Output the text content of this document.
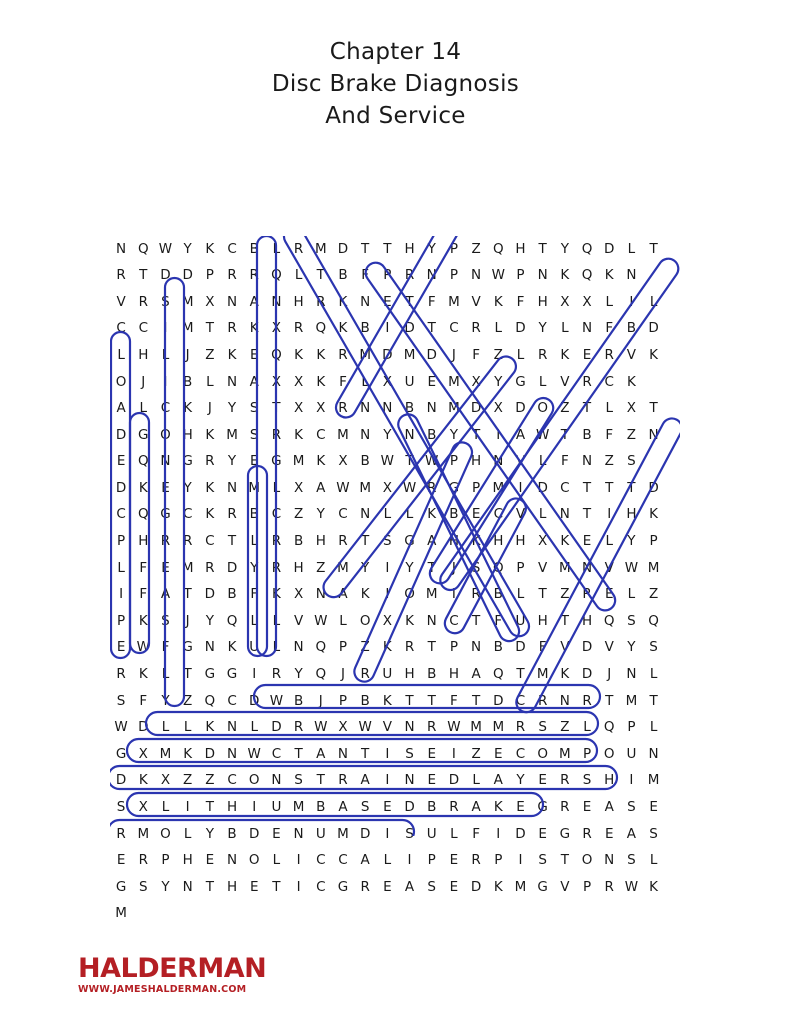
Chapter 14
Disc Brake Diagnosis
And Service
N Q W Y	K C B	L	R M D T	T H Y	P Z Q H T	Y Q D L	T
R T D D P R R Q L	T B	F	P R N P N W P N K Q K N
V R S M X N A N H R K N E	T	F M V K	F H X X	L	I	L
C C	I	M T R K X R Q K B	I	D T C R	L D Y	L N F	B D
L H L	J	Z K	E Q K K R M D M D	J	F	Z	L	R K	E R V K
O	J	I	B	L N A X X K	F	L	X U E M X Y G L	V R C K
A	L	C K	J	Y	S	T X X R N N B N M D X D O Z T	L	X T
D G O H K M S R K C M N Y N B Y	T	I	A W T B	F	Z N
E Q N G R Y	E G M K X B W T W P H N V	L	F N Z S
D K	E	Y	K N M L	X A W M X W R G P M	I	D C T	T	T D
C Q G C K R B C Z Y C N L	L	K B E C V	L N T	I	H K
P H R R C T	L	R B H R T	S G A H K H H X K	E	L	Y	P
L	F	E M R D Y R H Z M Y	I	Y	T	J	S Q P V M N V W M
I	F	A T D B	F	K X N A K	I	O M	I	R B	L	T Z R E	L	Z
P	K S	J	Y Q L	L	V W L O X K N C T	F U H T H Q S Q
E W F G N K U L N Q P Z K R T	P N B D F	V D V Y	S
R K	L	T G G	I	R Y Q	J	R U H B H A Q T M K D	J	N L
S	F	Y Z Q C D W B	J	P B K	T	T	F	T D C R N R T M T
W D L	L	K N L D R W X W V N R W M M R S Z	L Q P	L
G X M K D N W C T A N T	I	S	E	I	Z E C O M P O U N
D K X Z Z C O N S	T R A	I	N E D L	A Y	E R S H	I	M
S X	L	I	T H	I	U M B A S	E D B R A K	E G R E A S	E
R M O L	Y B D E N U M D	I	S U L	F	I	D E G R E A S
E R P H E N O L	I	C C A	L	I	P	E R P	I	S	T O N S	L
G S	Y N T H E	T	I	C G R E A S	E D K M G V P R W K
M
HALDERMAN
WWW.JAMESHALDERMAN.COM
